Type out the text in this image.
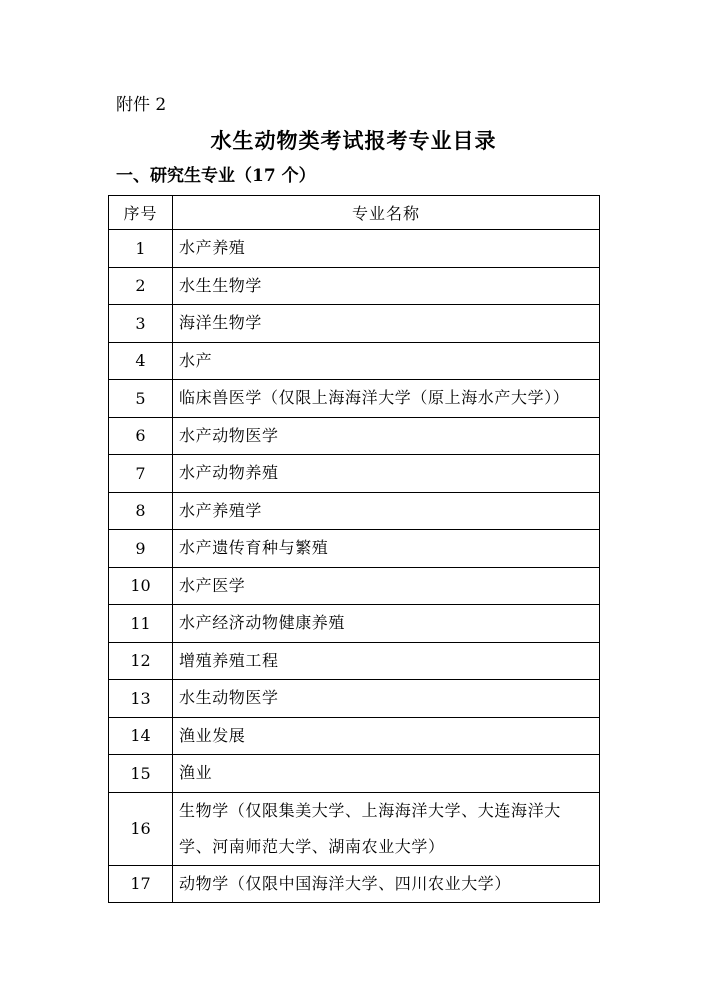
附件 2
水生动物类考试报考专业目录
一、研究生专业（17 个）
序号	专业名称
1	水产养殖
2	水生生物学
3	海洋生物学
4	水产
5	临床兽医学（仅限上海海洋大学（原上海水产大学））
6	水产动物医学
7	水产动物养殖
8	水产养殖学
9	水产遗传育种与繁殖
10	水产医学
11	水产经济动物健康养殖
12	增殖养殖工程
13	水生动物医学
14	渔业发展
15	渔业
16	生物学（仅限集美大学、上海海洋大学、大连海洋大学、河南师范大学、湖南农业大学）
17	动物学（仅限中国海洋大学、四川农业大学）
